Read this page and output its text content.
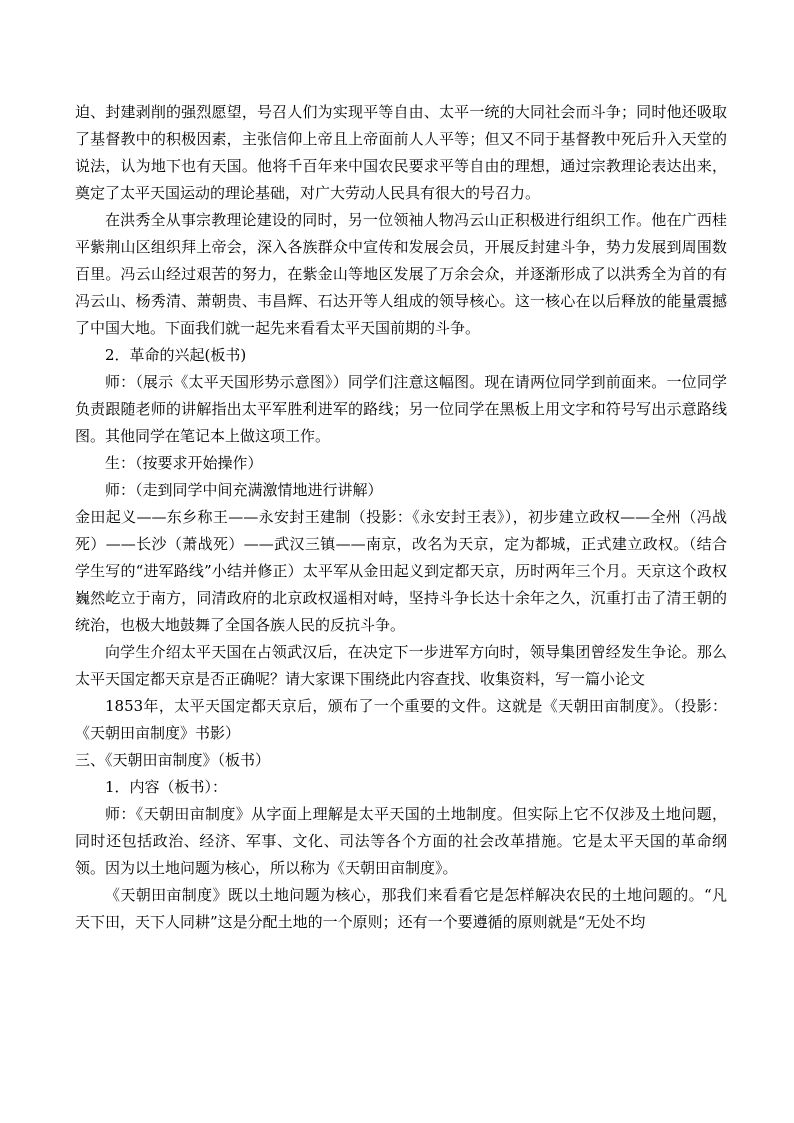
迫、封建剥削的强烈愿望，号召人们为实现平等自由、太平一统的大同社会而斗争；同时他还吸取了基督教中的积极因素，主张信仰上帝且上帝面前人人平等；但又不同于基督教中死后升入天堂的说法，认为地下也有天国。他将千百年来中国农民要求平等自由的理想，通过宗教理论表达出来，奠定了太平天国运动的理论基础，对广大劳动人民具有很大的号召力。

在洪秀全从事宗教理论建设的同时，另一位领袖人物冯云山正积极进行组织工作。他在广西桂平紫荆山区组织拜上帝会，深入各族群众中宣传和发展会员，开展反封建斗争，势力发展到周围数百里。冯云山经过艰苦的努力，在紫金山等地区发展了万余会众，并逐渐形成了以洪秀全为首的有冯云山、杨秀清、萧朝贵、韦昌辉、石达开等人组成的领导核心。这一核心在以后释放的能量震撼了中国大地。下面我们就一起先来看看太平天国前期的斗争。

2．革命的兴起(板书)

师：（展示《太平天国形势示意图》）同学们注意这幅图。现在请两位同学到前面来。一位同学负责跟随老师的讲解指出太平军胜利进军的路线；另一位同学在黑板上用文字和符号写出示意路线图。其他同学在笔记本上做这项工作。

生：（按要求开始操作）

师：（走到同学中间充满激情地进行讲解）

金田起义——东乡称王——永安封王建制（投影：《永安封王表》），初步建立政权——全州（冯战死）——长沙（萧战死）——武汉三镇——南京，改名为天京，定为都城，正式建立政权。（结合学生写的“进军路线”小结并修正）太平军从金田起义到定都天京，历时两年三个月。天京这个政权巍然屹立于南方，同清政府的北京政权遥相对峙，坚持斗争长达十余年之久，沉重打击了清王朝的统治，也极大地鼓舞了全国各族人民的反抗斗争。

向学生介绍太平天国在占领武汉后，在决定下一步进军方向时，领导集团曾经发生争论。那么太平天国定都天京是否正确呢？请大家课下围绕此内容查找、收集资料，写一篇小论文

1853年，太平天国定都天京后，颁布了一个重要的文件。这就是《天朝田亩制度》。（投影：《天朝田亩制度》书影）

三、《天朝田亩制度》（板书）

1．内容（板书）：

师：《天朝田亩制度》从字面上理解是太平天国的土地制度。但实际上它不仅涉及土地问题，同时还包括政治、经济、军事、文化、司法等各个方面的社会改革措施。它是太平天国的革命纲领。因为以土地问题为核心，所以称为《天朝田亩制度》。

《天朝田亩制度》既以土地问题为核心，那我们来看看它是怎样解决农民的土地问题的。“凡天下田，天下人同耕”这是分配土地的一个原则；还有一个要遵循的原则就是“无处不均
